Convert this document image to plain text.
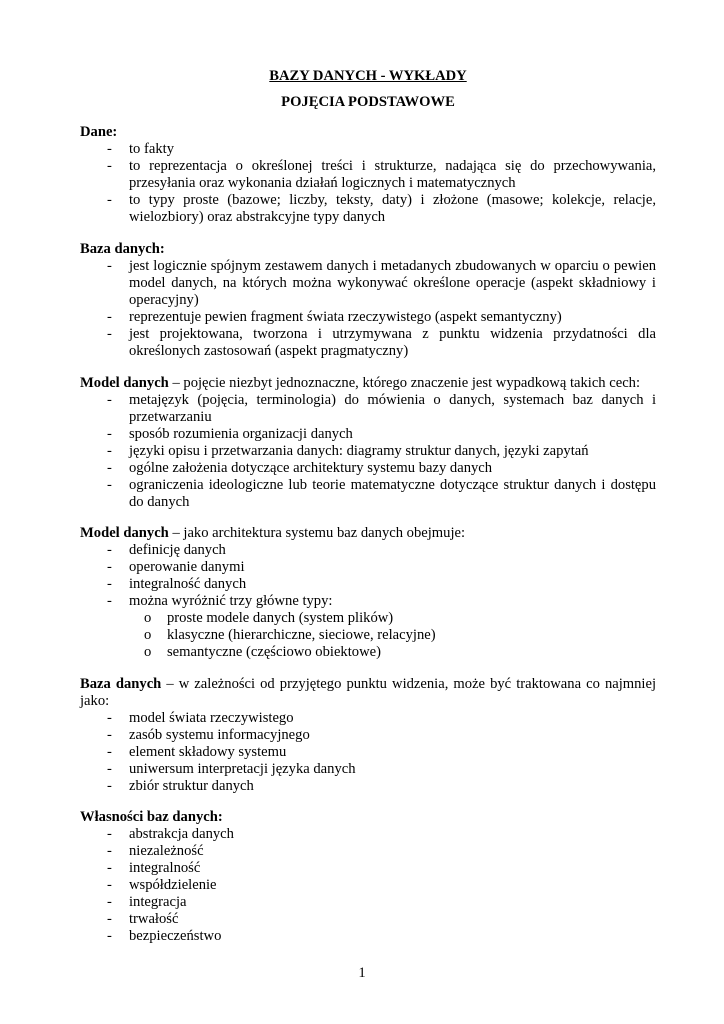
BAZY DANYCH - WYKŁADY
POJĘCIA PODSTAWOWE
Dane:
- to fakty
- to reprezentacja o określonej treści i strukturze, nadająca się do przechowywania, przesyłania oraz wykonania działań logicznych i matematycznych
- to typy proste (bazowe; liczby, teksty, daty) i złożone (masowe; kolekcje, relacje, wielozbiory) oraz abstrakcyjne typy danych
Baza danych:
- jest logicznie spójnym zestawem danych i metadanych zbudowanych w oparciu o pewien model danych, na których można wykonywać określone operacje (aspekt składniowy i operacyjny)
- reprezentuje pewien fragment świata rzeczywistego (aspekt semantyczny)
- jest projektowana, tworzona i utrzymywana z punktu widzenia przydatności dla określonych zastosowań (aspekt pragmatyczny)
Model danych – pojęcie niezbyt jednoznaczne, którego znaczenie jest wypadkową takich cech:
- metajęzyk (pojęcia, terminologia) do mówienia o danych, systemach baz danych i przetwarzaniu
- sposób rozumienia organizacji danych
- języki opisu i przetwarzania danych: diagramy struktur danych, języki zapytań
- ogólne założenia dotyczące architektury systemu bazy danych
- ograniczenia ideologiczne lub teorie matematyczne dotyczące struktur danych i dostępu do danych
Model danych – jako architektura systemu baz danych obejmuje:
- definicję danych
- operowanie danymi
- integralność danych
- można wyróżnić trzy główne typy:
o proste modele danych (system plików)
o klasyczne (hierarchiczne, sieciowe, relacyjne)
o semantyczne (częściowo obiektowe)
Baza danych – w zależności od przyjętego punktu widzenia, może być traktowana co najmniej jako:
- model świata rzeczywistego
- zasób systemu informacyjnego
- element składowy systemu
- uniwersum interpretacji języka danych
- zbiór struktur danych
Własności baz danych:
- abstrakcja danych
- niezależność
- integralność
- współdzielenie
- integracja
- trwałość
- bezpieczeństwo
1
